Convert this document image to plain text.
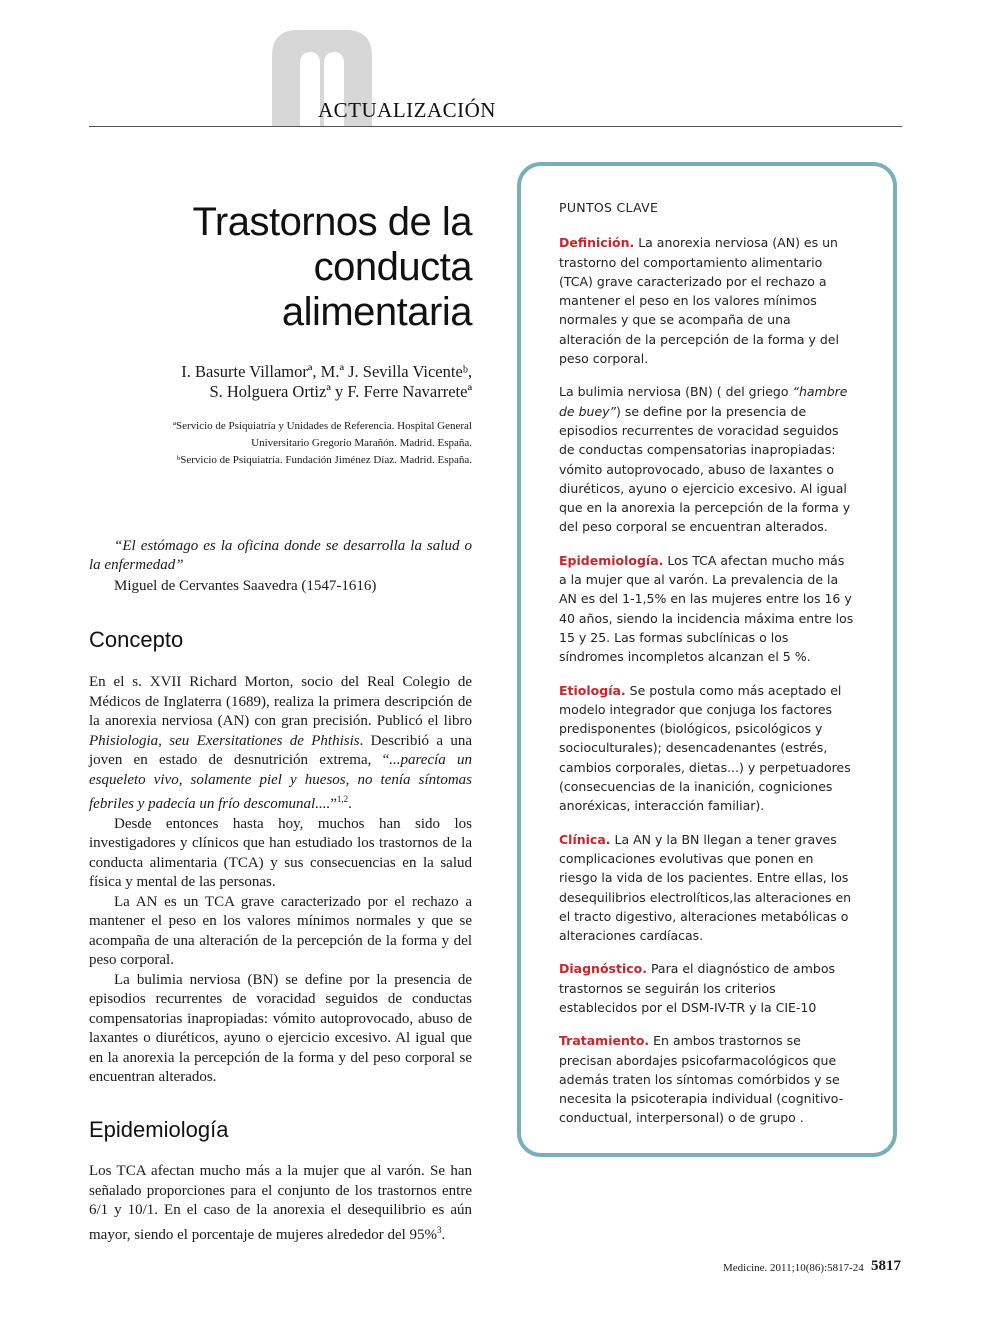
ACTUALIZACIÓN
Trastornos de la
conducta
alimentaria
I. Basurte Villamorª, M.ª J. Sevilla Vicenteᵇ,
S. Holguera Ortizª y F. Ferre Navarreteª
ªServicio de Psiquiatría y Unidades de Referencia. Hospital General
Universitario Gregorio Marañón. Madrid. España.
ᵇServicio de Psiquiatría. Fundación Jiménez Díaz. Madrid. España.
“El estómago es la oficina donde se desarrolla la salud o la enfermedad”
Miguel de Cervantes Saavedra (1547-1616)
Concepto

En el s. XVII Richard Morton, socio del Real Colegio de Médicos de Inglaterra (1689), realiza la primera descripción de la anorexia nerviosa (AN) con gran precisión. Publicó el libro Phisiologia, seu Exersitationes de Phthisis. Describió a una joven en estado de desnutrición extrema, “...parecía un esqueleto vivo, solamente piel y huesos, no tenía síntomas febriles y padecía un frío descomunal....”$^{1,2}$.

Desde entonces hasta hoy, muchos han sido los investigadores y clínicos que han estudiado los trastornos de la conducta alimentaria (TCA) y sus consecuencias en la salud física y mental de las personas.

La AN es un TCA grave caracterizado por el rechazo a mantener el peso en los valores mínimos normales y que se acompaña de una alteración de la percepción de la forma y del peso corporal.

La bulimia nerviosa (BN) se define por la presencia de episodios recurrentes de voracidad seguidos de conductas compensatorias inapropiadas: vómito autoprovocado, abuso de laxantes o diuréticos, ayuno o ejercicio excesivo. Al igual que en la anorexia la percepción de la forma y del peso corporal se encuentran alterados.

Epidemiología

Los TCA afectan mucho más a la mujer que al varón. Se han señalado proporciones para el conjunto de los trastornos entre 6/1 y 10/1. En el caso de la anorexia el desequilibrio es aún mayor, siendo el porcentaje de mujeres alrededor del 95%$^3$.

PUNTOS CLAVE

Definición. La anorexia nerviosa (AN) es un trastorno del comportamiento alimentario (TCA) grave caracterizado por el rechazo a mantener el peso en los valores mínimos normales y que se acompaña de una alteración de la percepción de la forma y del peso corporal.

La bulimia nerviosa (BN) ( del griego “hambre de buey”) se define por la presencia de episodios recurrentes de voracidad seguidos de conductas compensatorias inapropiadas: vómito autoprovocado, abuso de laxantes o diuréticos, ayuno o ejercicio excesivo. Al igual que en la anorexia la percepción de la forma y del peso corporal se encuentran alterados.

Epidemiología. Los TCA afectan mucho más a la mujer que al varón. La prevalencia de la AN es del 1-1,5% en las mujeres entre los 16 y 40 años, siendo la incidencia máxima entre los 15 y 25. Las formas subclínicas o los síndromes incompletos alcanzan el 5 %.

Etiología. Se postula como más aceptado el modelo integrador que conjuga los factores predisponentes (biológicos, psicológicos y socioculturales); desencadenantes (estrés, cambios corporales, dietas...) y perpetuadores (consecuencias de la inanición, cogniciones anoréxicas, interacción familiar).

Clínica. La AN y la BN llegan a tener graves complicaciones evolutivas que ponen en riesgo la vida de los pacientes. Entre ellas, los desequilibrios electrolíticos,las alteraciones en el tracto digestivo, alteraciones metabólicas o alteraciones cardíacas.

Diagnóstico. Para el diagnóstico de ambos trastornos se seguirán los criterios establecidos por el DSM-IV-TR y la CIE-10

Tratamiento. En ambos trastornos se precisan abordajes psicofarmacológicos que además traten los síntomas comórbidos y se necesita la psicoterapia individual (cognitivo-conductual, interpersonal) o de grupo .

Medicine. 2011;10(86):5817-24 5817
